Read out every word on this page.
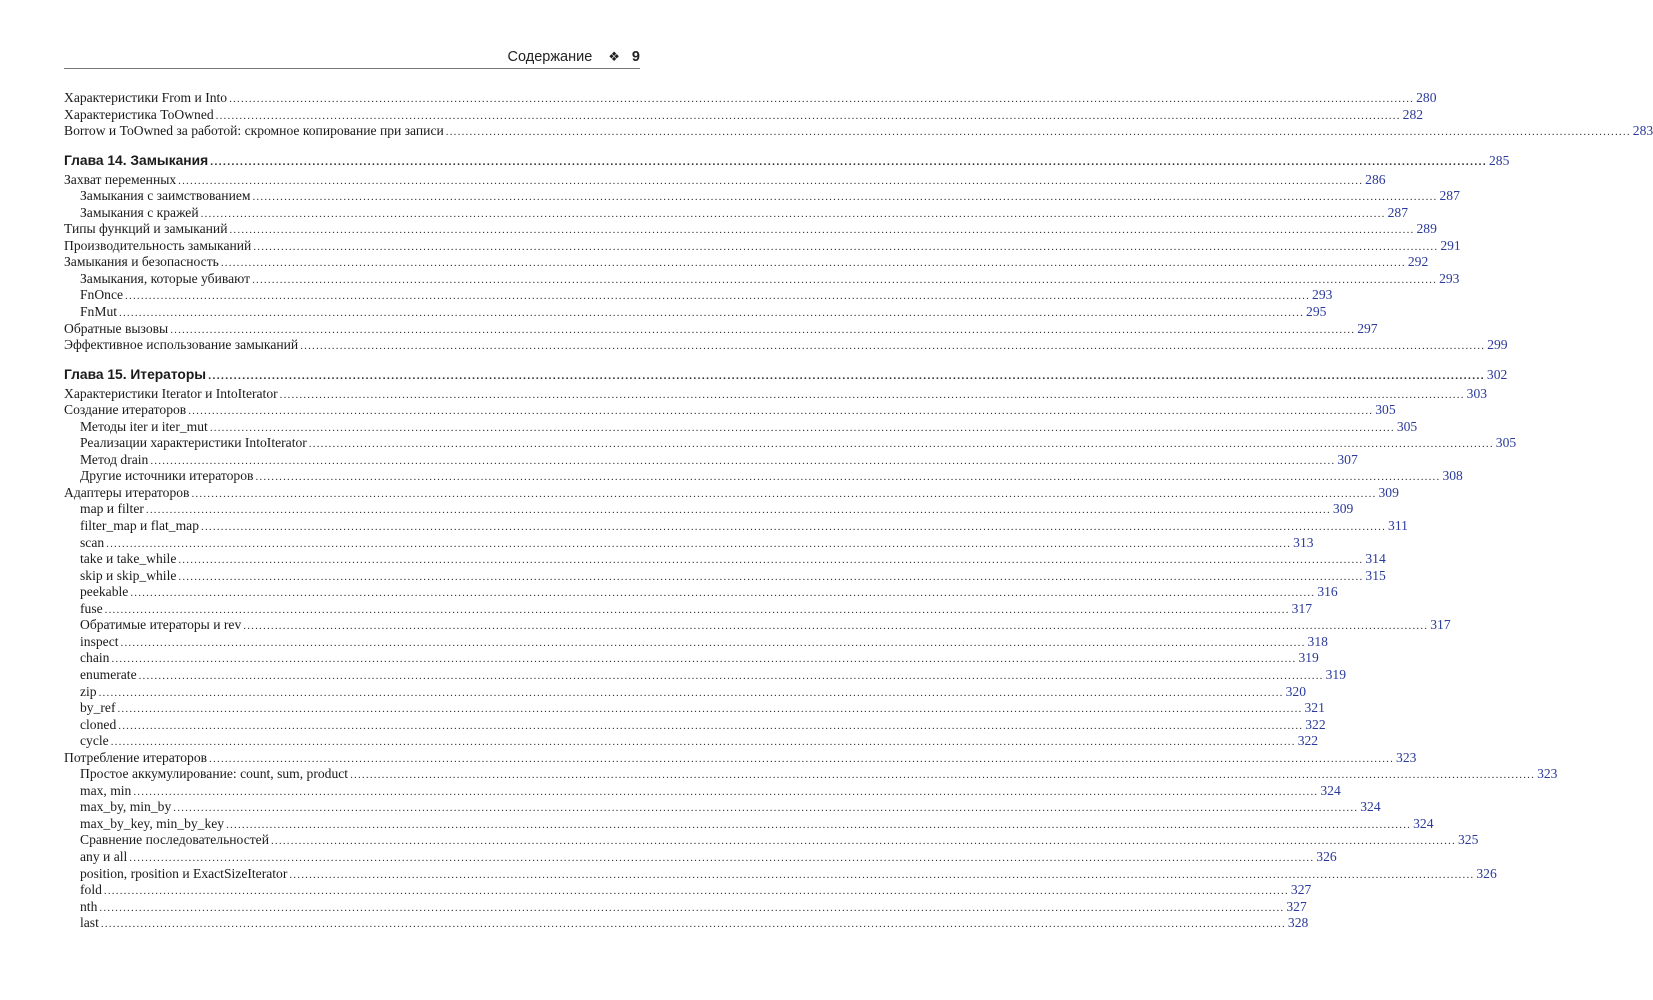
Содержание ❖ 9
Характеристики From и Into ............................................................................................................................................................................................................................................................................................................ 280
Характеристика ToOwned ............................................................................................................................................................................................................................................................................................................ 282
Borrow и ToOwned за работой: скромное копирование при записи ............................................................................................................................................................................................................................................................................................................ 283
Глава 14. Замыкания ............................................................................................................................................................................................................................................................................................................ 285
Захват переменных ............................................................................................................................................................................................................................................................................................................ 286
Замыкания с заимствованием ............................................................................................................................................................................................................................................................................................................ 287
Замыкания с кражей ............................................................................................................................................................................................................................................................................................................ 287
Типы функций и замыканий ............................................................................................................................................................................................................................................................................................................ 289
Производительность замыканий ............................................................................................................................................................................................................................................................................................................ 291
Замыкания и безопасность ............................................................................................................................................................................................................................................................................................................ 292
Замыкания, которые убивают ............................................................................................................................................................................................................................................................................................................ 293
FnOnce ............................................................................................................................................................................................................................................................................................................ 293
FnMut ............................................................................................................................................................................................................................................................................................................ 295
Обратные вызовы ............................................................................................................................................................................................................................................................................................................ 297
Эффективное использование замыканий ............................................................................................................................................................................................................................................................................................................ 299
Глава 15. Итераторы ............................................................................................................................................................................................................................................................................................................ 302
Характеристики Iterator и IntoIterator ............................................................................................................................................................................................................................................................................................................ 303
Создание итераторов ............................................................................................................................................................................................................................................................................................................ 305
Методы iter и iter_mut ............................................................................................................................................................................................................................................................................................................ 305
Реализации характеристики IntoIterator ............................................................................................................................................................................................................................................................................................................ 305
Метод drain ............................................................................................................................................................................................................................................................................................................ 307
Другие источники итераторов ............................................................................................................................................................................................................................................................................................................ 308
Адаптеры итераторов ............................................................................................................................................................................................................................................................................................................ 309
map и filter ............................................................................................................................................................................................................................................................................................................ 309
filter_map и flat_map ............................................................................................................................................................................................................................................................................................................ 311
scan ............................................................................................................................................................................................................................................................................................................ 313
take и take_while ............................................................................................................................................................................................................................................................................................................ 314
skip и skip_while ............................................................................................................................................................................................................................................................................................................ 315
peekable ............................................................................................................................................................................................................................................................................................................ 316
fuse ............................................................................................................................................................................................................................................................................................................ 317
Обратимые итераторы и rev ............................................................................................................................................................................................................................................................................................................ 317
inspect ............................................................................................................................................................................................................................................................................................................ 318
chain ............................................................................................................................................................................................................................................................................................................ 319
enumerate ............................................................................................................................................................................................................................................................................................................ 319
zip ............................................................................................................................................................................................................................................................................................................ 320
by_ref ............................................................................................................................................................................................................................................................................................................ 321
cloned ............................................................................................................................................................................................................................................................................................................ 322
cycle ............................................................................................................................................................................................................................................................................................................ 322
Потребление итераторов ............................................................................................................................................................................................................................................................................................................ 323
Простое аккумулирование: count, sum, product ............................................................................................................................................................................................................................................................................................................ 323
max, min ............................................................................................................................................................................................................................................................................................................ 324
max_by, min_by ............................................................................................................................................................................................................................................................................................................ 324
max_by_key, min_by_key ............................................................................................................................................................................................................................................................................................................ 324
Сравнение последовательностей ............................................................................................................................................................................................................................................................................................................ 325
any и all ............................................................................................................................................................................................................................................................................................................ 326
position, rposition и ExactSizeIterator ............................................................................................................................................................................................................................................................................................................ 326
fold ............................................................................................................................................................................................................................................................................................................ 327
nth ............................................................................................................................................................................................................................................................................................................ 327
last ............................................................................................................................................................................................................................................................................................................ 328
